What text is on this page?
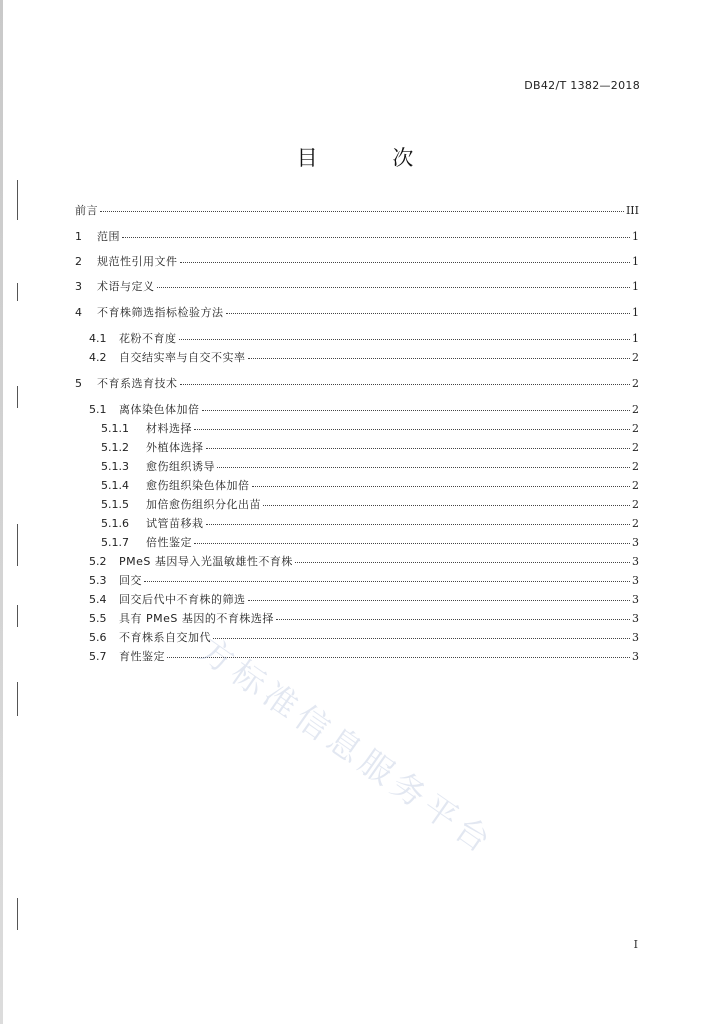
DB42/T 1382—2018
目 次
前言	III
1	范围	1
2	规范性引用文件	1
3	术语与定义	1
4	不育株筛选指标检验方法	1
4.1	花粉不育度	1
4.2	自交结实率与自交不实率	2
5	不育系选育技术	2
5.1	离体染色体加倍	2
5.1.1	材料选择	2
5.1.2	外植体选择	2
5.1.3	愈伤组织诱导	2
5.1.4	愈伤组织染色体加倍	2
5.1.5	加倍愈伤组织分化出苗	2
5.1.6	试管苗移栽	2
5.1.7	倍性鉴定	3
5.2	PMeS 基因导入光温敏雄性不育株	3
5.3	回交	3
5.4	回交后代中不育株的筛选	3
5.5	具有 PMeS 基因的不育株选择	3
5.6	不育株系自交加代	3
5.7	育性鉴定	3
方标准信息服务平台
I
